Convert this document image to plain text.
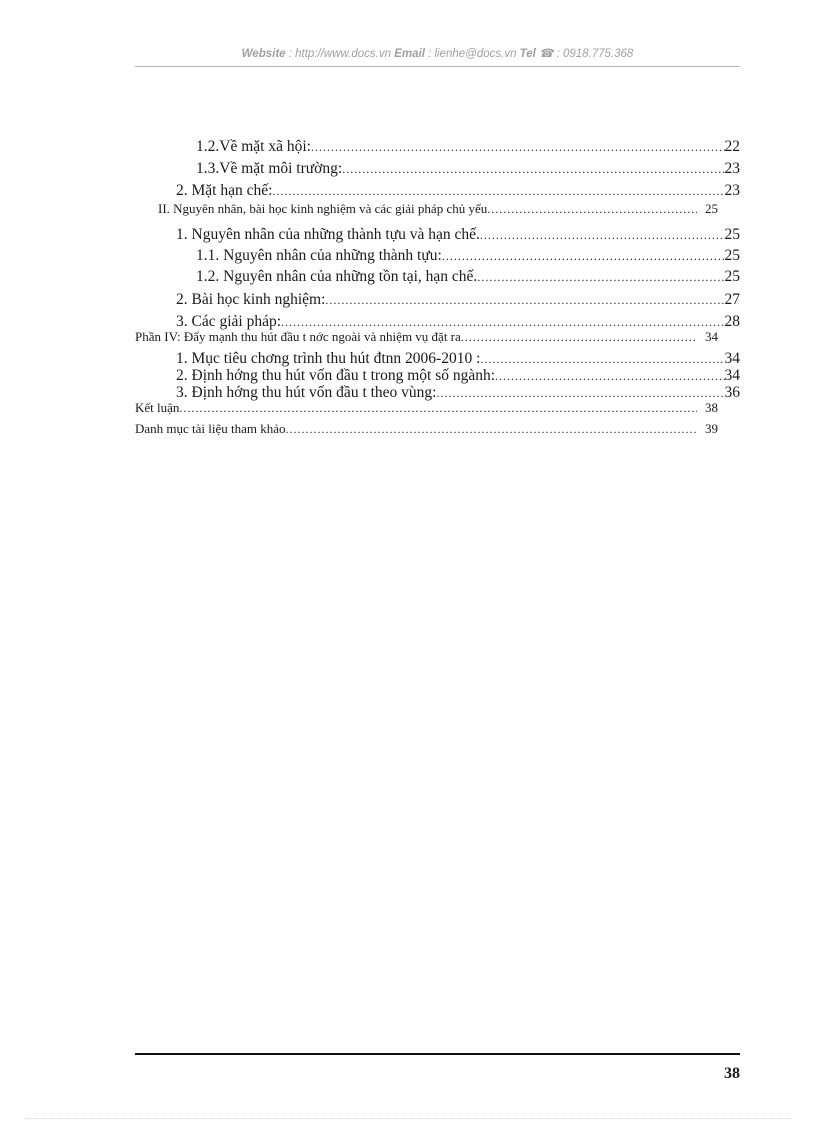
Website : http://www.docs.vn Email : lienhe@docs.vn Tel ☎ : 0918.775.368
1.2.Về mặt xã hội: .....	22
1.3.Về mặt môi trường: .....	23
2. Mặt hạn chế: .....	23
II. Nguyên nhân, bài học kinh nghiệm và các giải pháp chủ yếu .....	25
1. Nguyên nhân của những thành tựu và hạn chế. .....	25
1.1. Nguyên nhân của những thành tựu: .....	25
1.2. Nguyên nhân của những tồn tại, hạn chế. .....	25
2. Bài học kinh nghiệm: .....	27
3. Các giải pháp: .....	28
Phần IV: Đẩy mạnh thu hút đầu t nớc ngoài và nhiệm vụ đặt ra .....	34
1. Mục tiêu chơng trình thu hút đtnn 2006-2010 : .....	34
2. Định hớng thu hút vốn đầu t trong một số ngành: .....	34
3. Định hớng thu hút vốn đầu t theo vùng: .....	36
Kết luận .....	38
Danh mục tài liệu tham khảo .....	39
38
